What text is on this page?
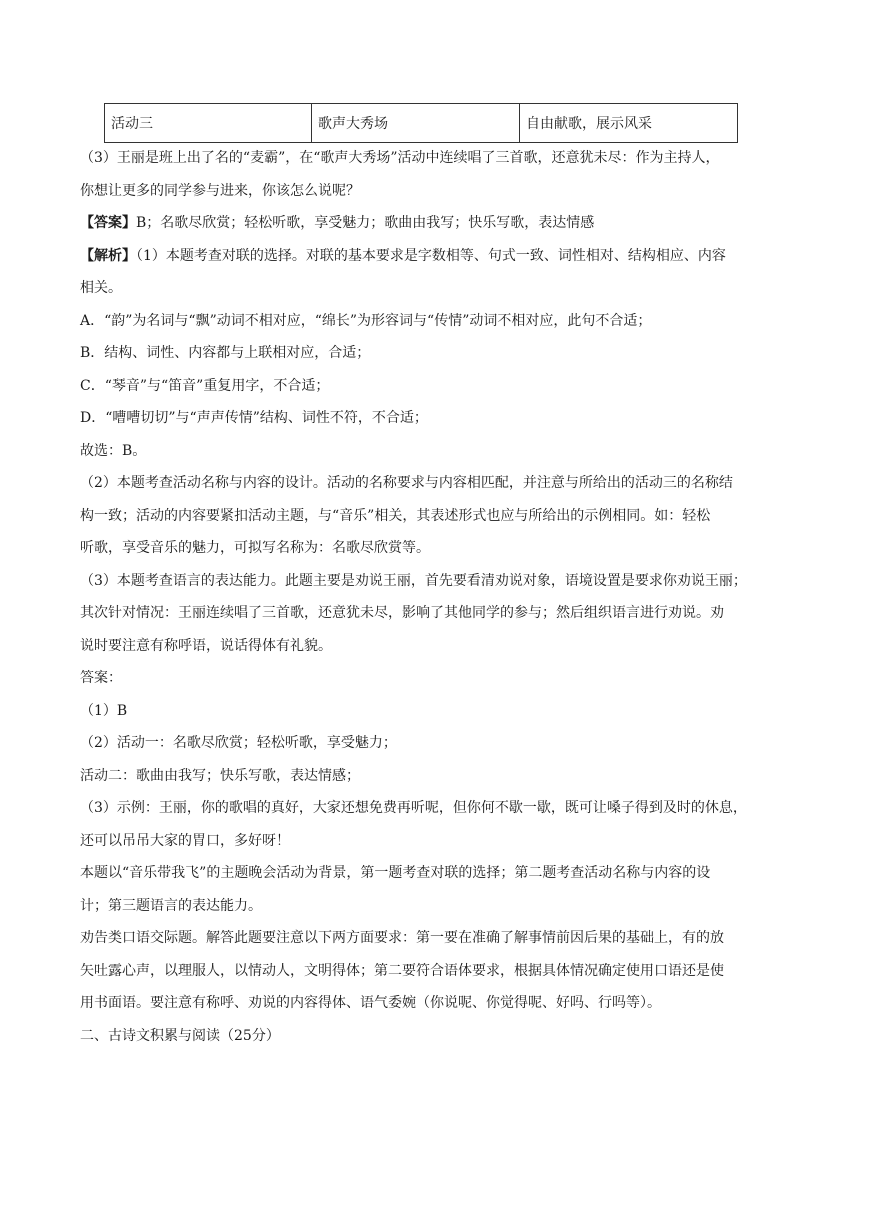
活动三	歌声大秀场	自由献歌，展示风采

（3）王丽是班上出了名的“麦霸”，在“歌声大秀场”活动中连续唱了三首歌，还意犹未尽：作为主持人，

你想让更多的同学参与进来，你该怎么说呢？

【答案】B；名歌尽欣赏；轻松听歌，享受魅力；歌曲由我写；快乐写歌，表达情感

【解析】（1）本题考查对联的选择。对联的基本要求是字数相等、句式一致、词性相对、结构相应、内容

相关。

A．“韵”为名词与“飘”动词不相对应，“绵长”为形容词与“传情”动词不相对应，此句不合适；

B．结构、词性、内容都与上联相对应，合适；

C．“琴音”与“笛音”重复用字，不合适；

D．“嘈嘈切切”与“声声传情”结构、词性不符，不合适；

故选：B。

（2）本题考查活动名称与内容的设计。活动的名称要求与内容相匹配，并注意与所给出的活动三的名称结

构一致；活动的内容要紧扣活动主题，与“音乐”相关，其表述形式也应与所给出的示例相同。如：轻松

听歌，享受音乐的魅力，可拟写名称为：名歌尽欣赏等。

（3）本题考查语言的表达能力。此题主要是劝说王丽，首先要看清劝说对象，语境设置是要求你劝说王丽；

其次针对情况：王丽连续唱了三首歌，还意犹未尽，影响了其他同学的参与；然后组织语言进行劝说。劝

说时要注意有称呼语，说话得体有礼貌。

答案：

（1）B

（2）活动一：名歌尽欣赏；轻松听歌，享受魅力；

活动二：歌曲由我写；快乐写歌，表达情感；

（3）示例：王丽，你的歌唱的真好，大家还想免费再听呢，但你何不歇一歇，既可让嗓子得到及时的休息，

还可以吊吊大家的胃口，多好呀！

本题以“音乐带我飞”的主题晚会活动为背景，第一题考查对联的选择；第二题考查活动名称与内容的设

计；第三题语言的表达能力。

劝告类口语交际题。解答此题要注意以下两方面要求：第一要在准确了解事情前因后果的基础上，有的放

矢吐露心声，以理服人，以情动人，文明得体；第二要符合语体要求，根据具体情况确定使用口语还是使

用书面语。要注意有称呼、劝说的内容得体、语气委婉（你说呢、你觉得呢、好吗、行吗等）。

二、古诗文积累与阅读（25分）
